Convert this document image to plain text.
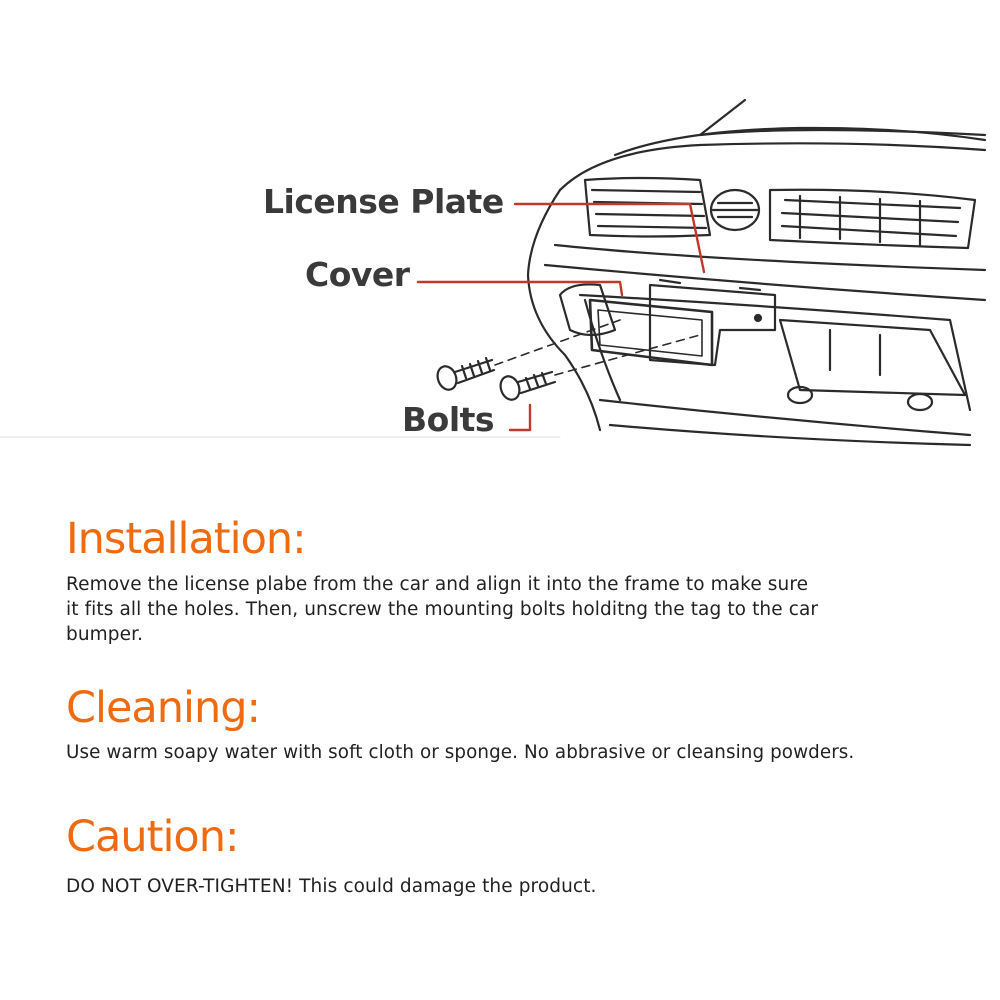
License Plate
Cover
Bolts
Installation:

Remove the license plabe from the car and align it into the frame to make sure it fits all the holes. Then, unscrew the mounting bolts holditng the tag to the car bumper.

Cleaning:

Use warm soapy water with soft cloth or sponge. No abbrasive or cleansing powders.

Caution:

DO NOT OVER-TIGHTEN! This could damage the product.
